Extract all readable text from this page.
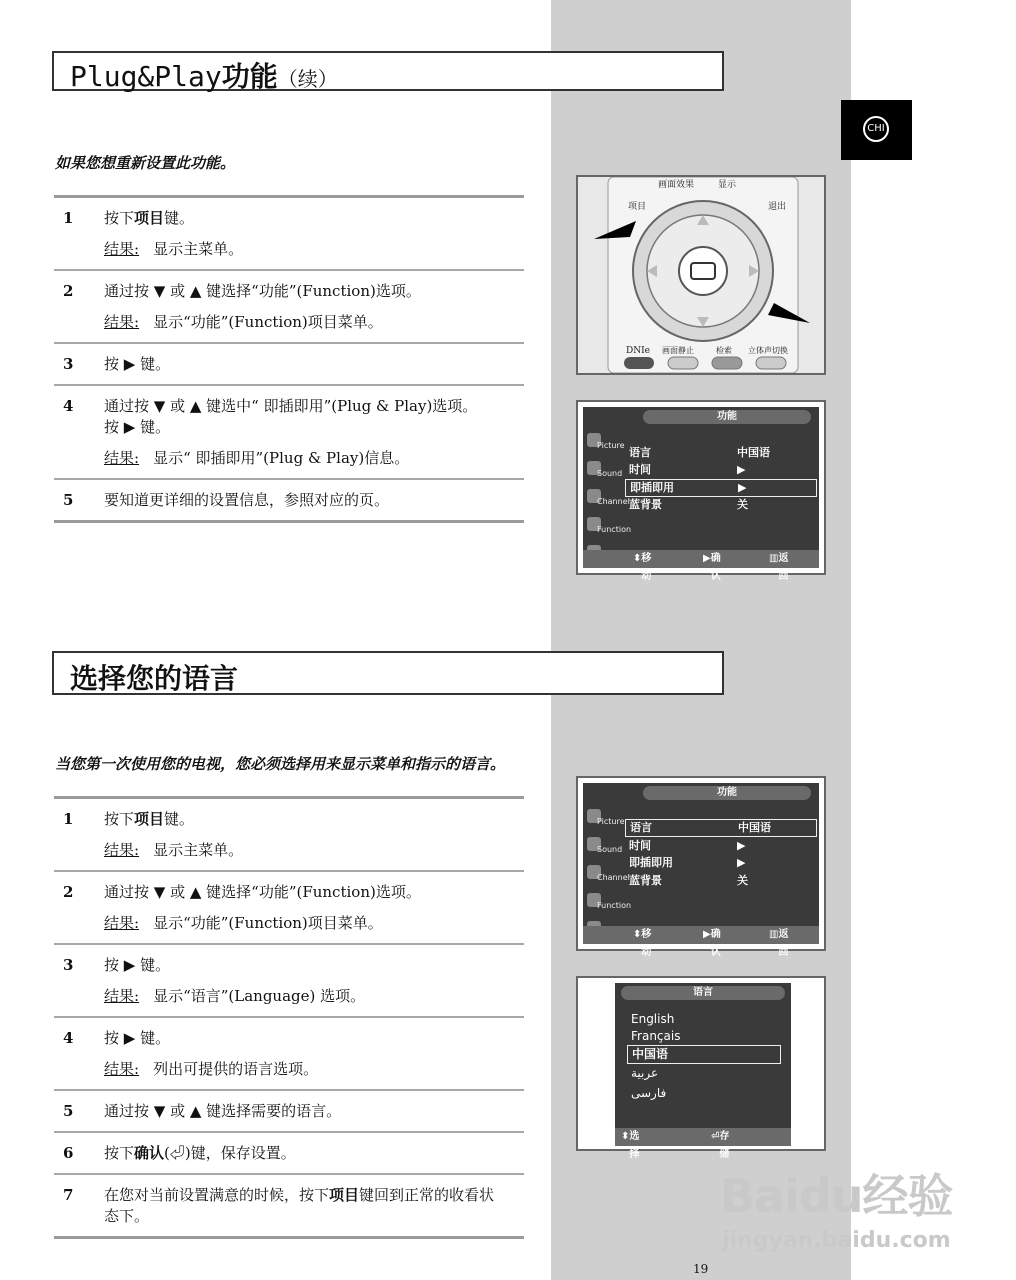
Plug&Play功能（续）
如果您想重新设置此功能。
1 按下项目键。
结果: 显示主菜单。
2 通过按 ▼ 或 ▲ 键选择“功能”(Function)选项。
结果: 显示“功能”(Function)项目菜单。
3 按 ▶ 键。
4 通过按 ▼ 或 ▲ 键选中“ 即插即用”(Plug & Play)选项。
按 ▶ 键。
结果: 显示“ 即插即用”(Plug & Play)信息。
5 要知道更详细的设置信息，参照对应的页。
选择您的语言
当您第一次使用您的电视，您必须选择用来显示菜单和指示的语言。
1 按下项目键。
结果: 显示主菜单。
2 通过按 ▼ 或 ▲ 键选择“功能”(Function)选项。
结果: 显示“功能”(Function)项目菜单。
3 按 ▶ 键。
结果: 显示“语言”(Language) 选项。
4 按 ▶ 键。
结果: 列出可提供的语言选项。
5 通过按 ▼ 或 ▲ 键选择需要的语言。
6 按下确认(⏎)键，保存设置。
7 在您对当前设置满意的时候，按下项目键回到正常的收看状
态下。
CHI
项目
画面效果	显示
退出
DNIe 画面静止	检索 立体声切换
功能
Picture
Sound
Channel
Function
语言	中国语
时间	▶
即插即用	▶
蓝背景	关
⬍ 移动
▶ 确认
▥ 返回
功能
Picture
Sound
Channel
Function
语言	中国语
时间	▶
即插即用	▶
蓝背景	关
⬍ 移动
▶ 确认
▥ 返回
语言
English
Français
中国语
عربية
فارسی
⬍ 选择
⏎ 存储
19
Baidu经验
jingyan.baidu.com
